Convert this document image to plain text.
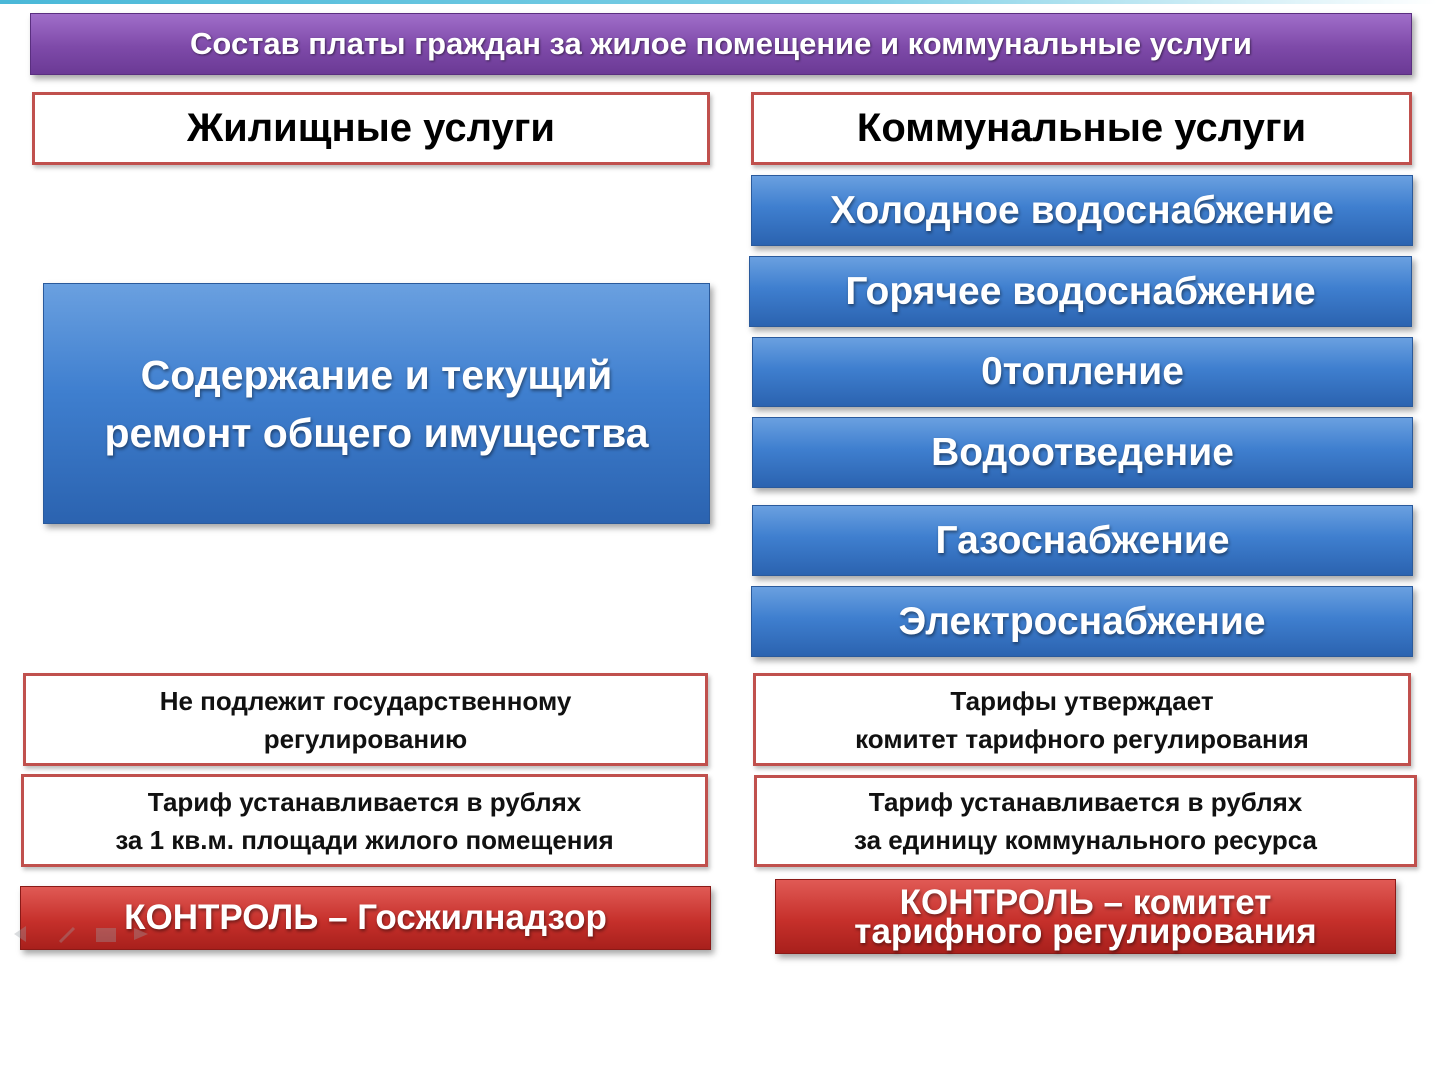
Состав платы граждан за жилое помещение и коммунальные услуги
Жилищные услуги
Содержание и текущий
ремонт общего имущества
Не подлежит государственному
регулированию
Тариф устанавливается в рублях
за 1 кв.м. площади жилого помещения
КОНТРОЛЬ – Госжилнадзор
Коммунальные услуги
Холодное водоснабжение
Горячее водоснабжение
0топление
Водоотведение
Газоснабжение
Электроснабжение
Тарифы утверждает
комитет тарифного регулирования
Тариф устанавливается в рублях
за единицу коммунального ресурса
КОНТРОЛЬ – комитет
тарифного регулирования
